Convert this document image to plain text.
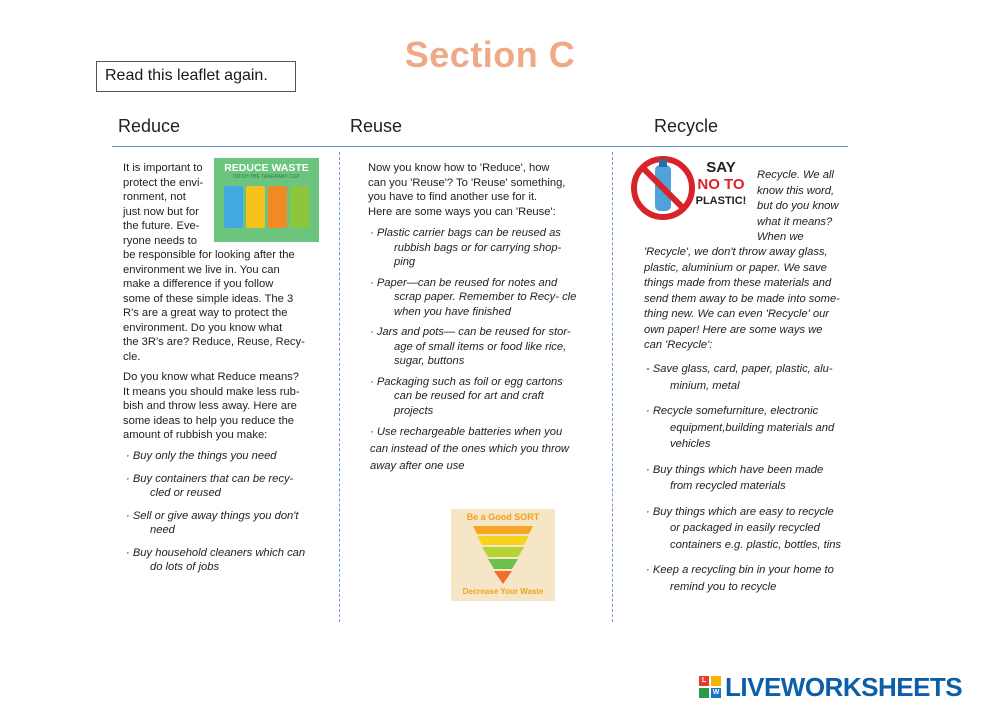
Section C
Read this leaflet again.
Reduce	Reuse	Recycle
REDUCE WASTE
DITCH THE TAKEAWAY CUP

It is important to

protect the envi-

ronment, not

just now but for

the future. Eve-

ryone needs to

be responsible for looking after the

environment we live in. You can

make a difference if you follow

some of these simple ideas. The 3

R's are a great way to protect the

environment. Do you know what

the 3R's are? Reduce, Reuse, Recy-

cle.

Do you know what Reduce means?

It means you should make less rub-

bish and throw less away. Here are

some ideas to help you reduce the

amount of rubbish you make:

· Buy only the things you need

· Buy containers that can be recy- cled or reused

· Sell or give away things you don't need

· Buy household cleaners which can do lots of jobs

Now you know how to 'Reduce', how

can you 'Reuse'? To 'Reuse' something,

you have to find another use for it.

Here are some ways you can 'Reuse':

· Plastic carrier bags can be reused as rubbish bags or for carrying shop- ping

· Paper—can be reused for notes and scrap paper. Remember to Recy- cle when you have finished

· Jars and pots— can be reused for stor- age of small items or food like rice, sugar, buttons

· Packaging such as foil or egg cartons can be reused for art and craft projects

· Use rechargeable batteries when you can instead of the ones which you throw away after one use

Be a Good SORT
Decrease Your Waste
SAY
NO TO
PLASTIC!

Recycle. We all

know this word,

but do you know

what it means?

When we

'Recycle', we don't throw away glass,

plastic, aluminium or paper. We save

things made from these materials and

send them away to be made into some-

thing new. We can even 'Recycle' our

own paper! Here are some ways we

can 'Recycle':

- Save glass, card, paper, plastic, alu- minium, metal

· Recycle somefurniture, electronic equipment,building materials and vehicles

· Buy things which have been made from recycled materials

· Buy things which are easy to recycle or packaged in easily recycled containers e.g. plastic, bottles, tins

· Keep a recycling bin in your home to remind you to recycle

L
W LIVEWORKSHEETS
